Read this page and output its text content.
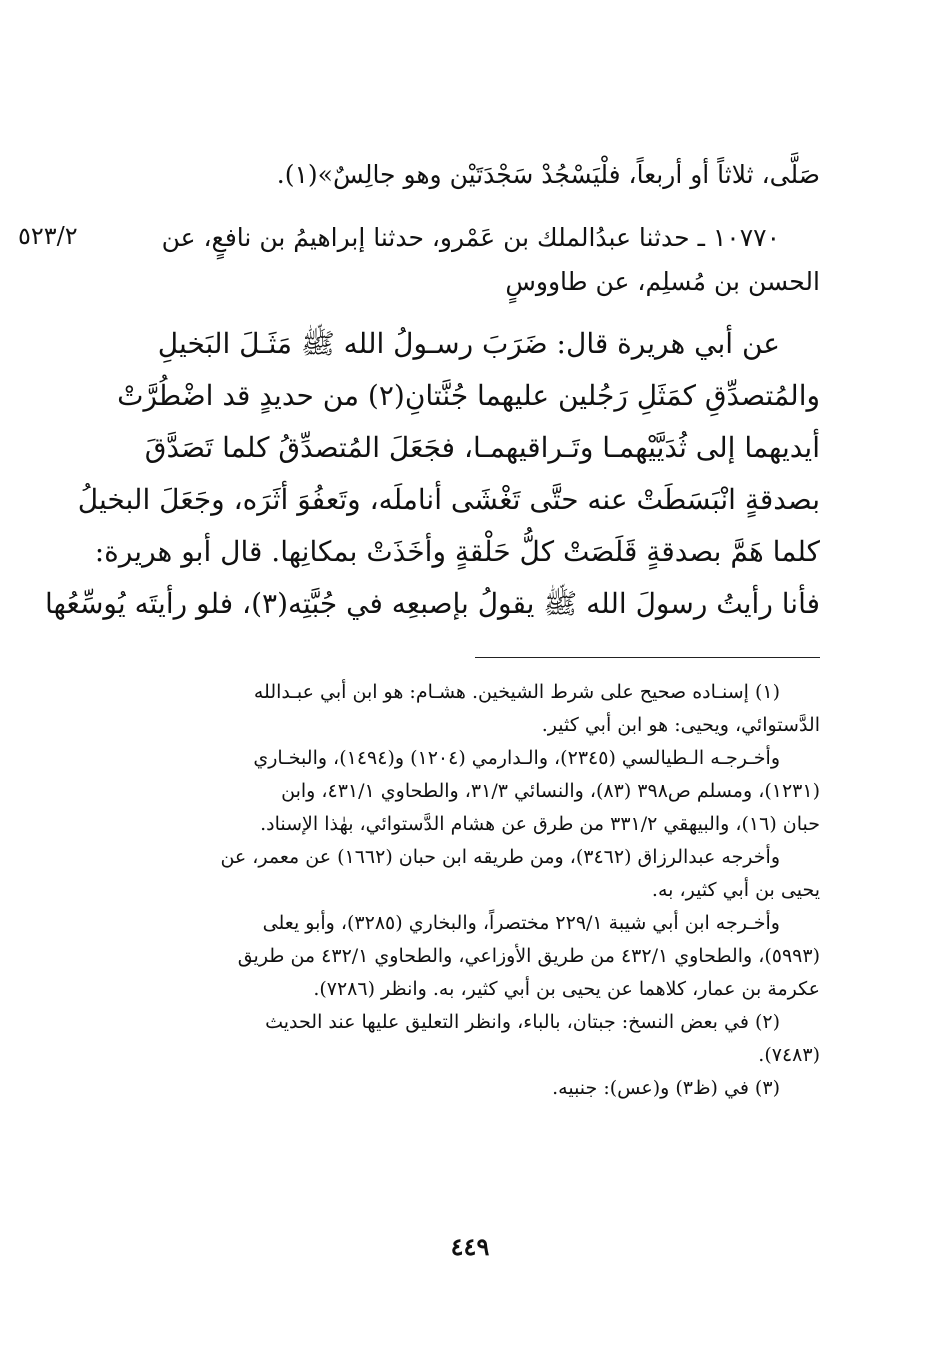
صَلَّى، ثلاثاً أو أربعاً، فلْيَسْجُدْ سَجْدَتَيْن وهو جالِسٌ»(١).
٥٢٣/٢	١٠٧٧٠ ـ حدثنا عبدُالملك بن عَمْرو، حدثنا إبراهيمُ بن نافعٍ، عن
الحسن بن مُسلِم، عن طاووسٍ
عن أبي هريرة قال: ضَرَبَ رسـولُ الله ﷺ مَثَـلَ البَخيلِ
والمُتصدِّقِ كمَثَلِ رَجُلين عليهما جُنَّتانِ(٢) من حديدٍ قد اضْطُرَّتْ
أيديهما إلى ثُدَيَّيْهمـا وتَـراقيهمـا، فجَعَلَ المُتصدِّقُ كلما تَصَدَّقَ
بصدقةٍ انْبَسَطَتْ عنه حتَّى تَغْشَى أناملَه، وتَعفُوَ أثَرَه، وجَعَلَ البخيلُ
كلما هَمَّ بصدقةٍ قَلَصَتْ كلُّ حَلْقةٍ وأخَذَتْ بمكانِها. قال أبو هريرة:
فأنا رأيتُ رسولَ الله ﷺ يقولُ بإصبعِه في جُبَّتِه(٣)، فلو رأيتَه يُوسِّعُها
(١) إسنـاده صحيح على شرط الشيخين. هشـام: هو ابن أبي عبـدالله
الدَّستوائي، ويحيى: هو ابن أبي كثير.
وأخـرجـه الـطيالسي (٢٣٤٥)، والـدارمي (١٢٠٤) و(١٤٩٤)، والبخـاري
(١٢٣١)، ومسلم ص٣٩٨ (٨٣)، والنسائي ٣١/٣، والطحاوي ٤٣١/١، وابن
حبان (١٦)، والبيهقي ٣٣١/٢ من طرق عن هشام الدَّستوائي، بهٰذا الإسناد.
وأخرجه عبدالرزاق (٣٤٦٢)، ومن طريقه ابن حبان (١٦٦٢) عن معمر، عن
يحيى بن أبي كثير، به.
وأخـرجه ابن أبي شيبة ٢٢٩/١ مختصراً، والبخاري (٣٢٨٥)، وأبو يعلى
(٥٩٩٣)، والطحاوي ٤٣٢/١ من طريق الأوزاعي، والطحاوي ٤٣٢/١ من طريق
عكرمة بن عمار، كلاهما عن يحيى بن أبي كثير، به. وانظر (٧٢٨٦).
(٢) في بعض النسخ: جبتان، بالباء، وانظر التعليق عليها عند الحديث
(٧٤٨٣).
(٣) في (ظ٣) و(عس): جنبيه.
٤٤٩
